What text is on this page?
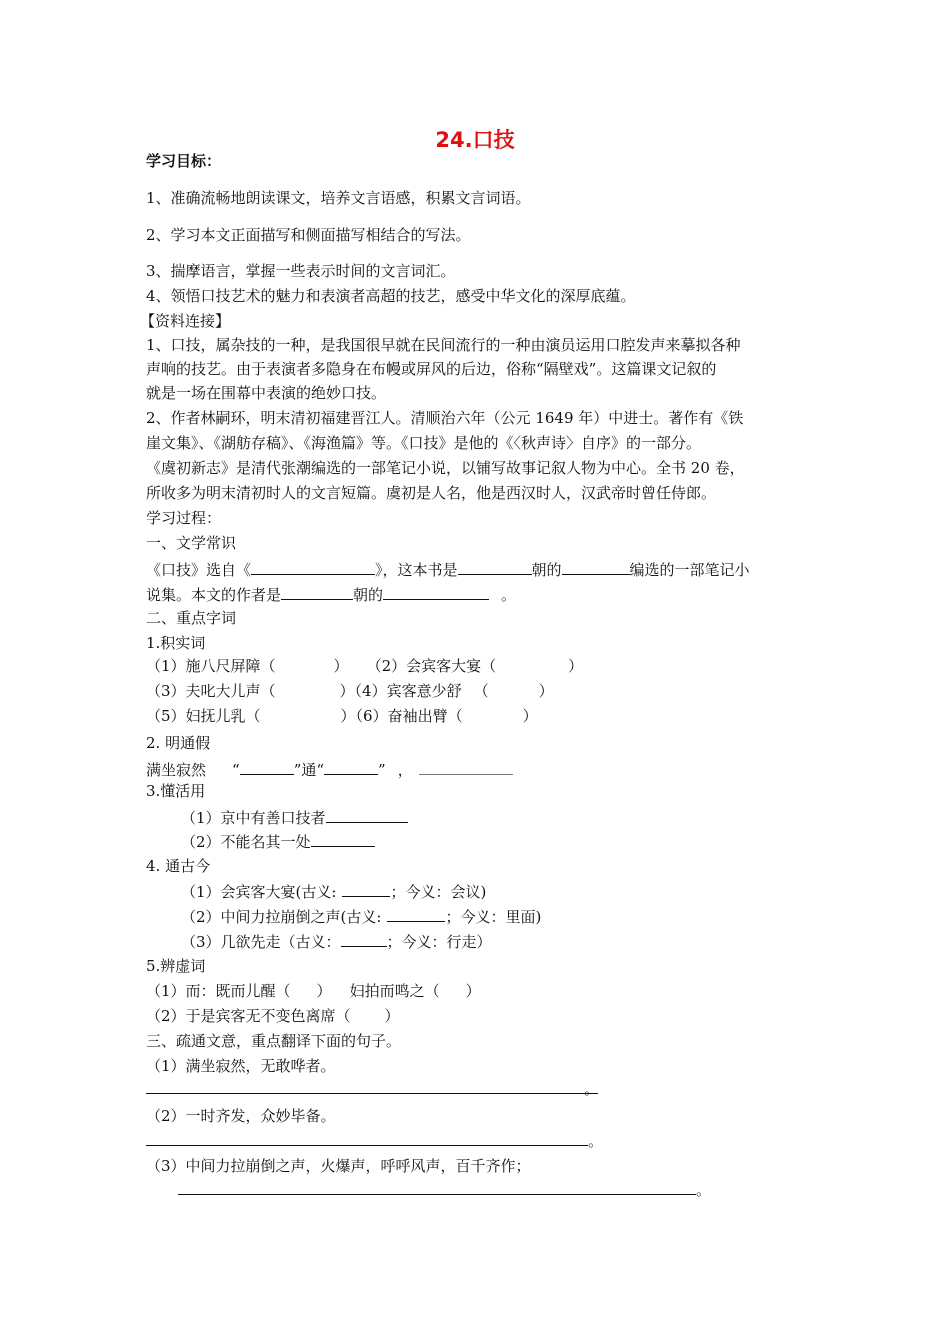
24.口技
学习目标：
1、准确流畅地朗读课文，培养文言语感，积累文言词语。
2、学习本文正面描写和侧面描写相结合的写法。
3、揣摩语言，掌握一些表示时间的文言词汇。
4、领悟口技艺术的魅力和表演者高超的技艺，感受中华文化的深厚底蕴。
【资料连接】
1、口技，属杂技的一种，是我国很早就在民间流行的一种由演员运用口腔发声来摹拟各种
声响的技艺。由于表演者多隐身在布幔或屏风的后边，俗称“隔壁戏”。这篇课文记叙的
就是一场在围幕中表演的绝妙口技。
2、作者林嗣环，明末清初福建晋江人。清顺治六年（公元 1649 年）中进士。著作有《铁
崖文集》、《湖舫存稿》、《海渔篇》等。《口技》是他的《〈秋声诗〉自序》的一部分。
《虞初新志》是清代张潮编选的一部笔记小说，以铺写故事记叙人物为中心。全书 20 卷，
所收多为明末清初时人的文言短篇。虞初是人名，他是西汉时人，汉武帝时曾任侍郎。
学习过程：
一、文学常识
《口技》选自《	》，这本书是	朝的	编选的一部笔记小
说集。本文的作者是	朝的	。
二、重点字词
1.积实词
（1）施八尺屏障（	） （2）会宾客大宴（	）
（3）夫叱大儿声（	）（4）宾客意少舒 （	）
（5）妇抚儿乳（	）（6）奋袖出臂（	）
2. 明通假
满坐寂然 “	”通“	” ，
3.懂活用
（1）京中有善口技者
（2）不能名其一处
4. 通古今
（1）会宾客大宴(古义:	；今义：会议)
（2）中间力拉崩倒之声(古义:	；今义：里面)
（3）几欲先走（古义：	；今义：行走）
5.辨虚词
（1）而：既而儿醒（ ） 妇拍而鸣之（ ）
（2）于是宾客无不变色离席（ ）
三、疏通文意，重点翻译下面的句子。
（1）满坐寂然，无敢哗者。
。
（2）一时齐发，众妙毕备。
。
（3）中间力拉崩倒之声，火爆声，呼呼风声，百千齐作；
。
